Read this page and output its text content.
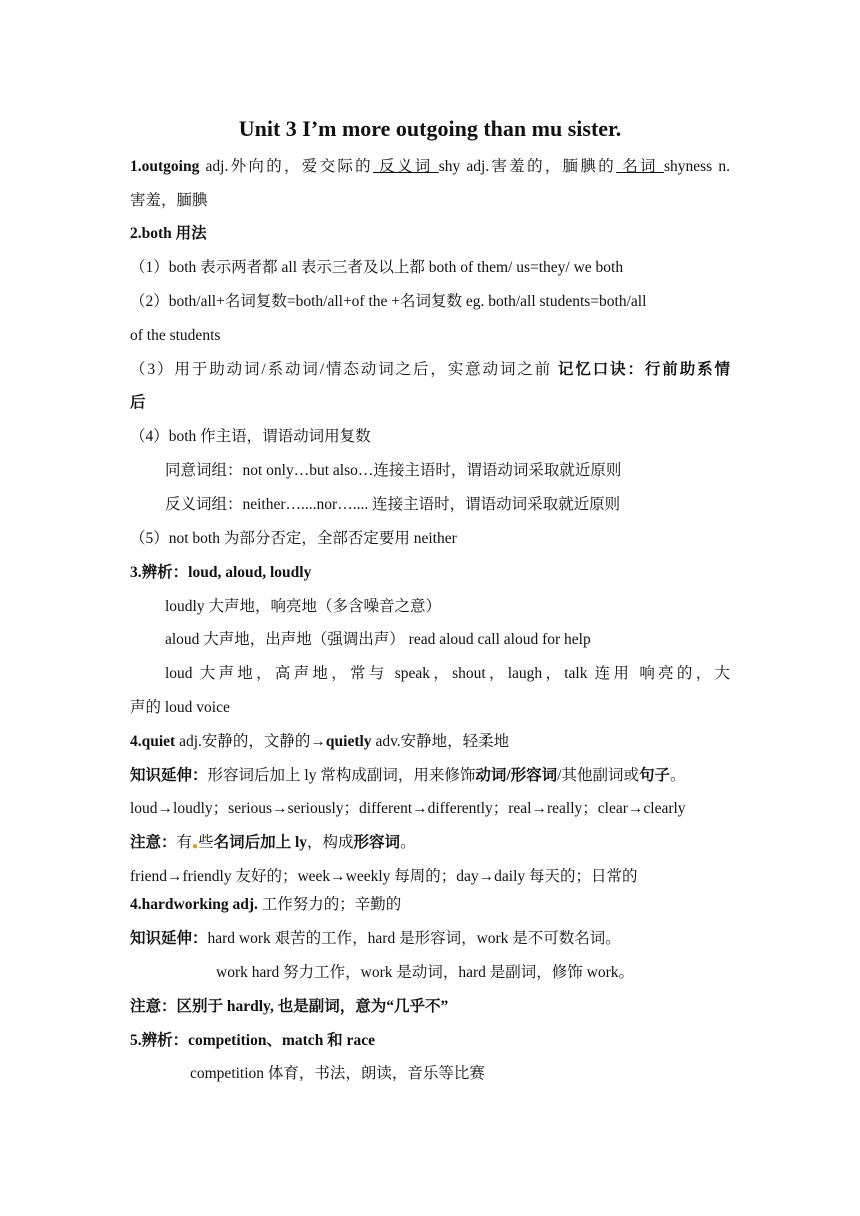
Unit 3 I’m more outgoing than mu sister.
1.outgoing adj.外向的，爱交际的 反义词 shy adj.害羞的，腼腆的 名词 shyness n.
害羞，腼腆
2.both 用法
（1）both 表示两者都 all 表示三者及以上都 both of them/ us=they/ we both
（2）both/all+名词复数=both/all+of the +名词复数 eg. both/all students=both/all
of the students
（3）用于助动词/系动词/情态动词之后，实意动词之前 记忆口诀：行前助系情
后
（4）both 作主语，谓语动词用复数
同意词组：not only…but also…连接主语时，谓语动词采取就近原则
反义词组：neither…....nor….... 连接主语时，谓语动词采取就近原则
（5）not both 为部分否定，全部否定要用 neither
3.辨析：loud, aloud, loudly
loudly 大声地，响亮地（多含噪音之意）
aloud 大声地，出声地（强调出声） read aloud call aloud for help
loud 大声地，高声地，常与 speak，shout，laugh，talk 连用 响亮的，大
声的 loud voice
4.quiet adj.安静的，文静的→quietly adv.安静地，轻柔地
知识延伸：形容词后加上 ly 常构成副词，用来修饰动词/形容词/其他副词或句子。
loud→loudly；serious→seriously；different→differently；real→really；clear→clearly
注意：有●些名词后加上 ly，构成形容词。
friend→friendly 友好的；week→weekly 每周的；day→daily 每天的；日常的
4.hardworking adj. 工作努力的；辛勤的
知识延伸：hard work 艰苦的工作，hard 是形容词，work 是不可数名词。
work hard 努力工作，work 是动词，hard 是副词，修饰 work。
注意：区别于 hardly, 也是副词，意为“几乎不”
5.辨析：competition、match 和 race
competition 体育，书法，朗读，音乐等比赛
